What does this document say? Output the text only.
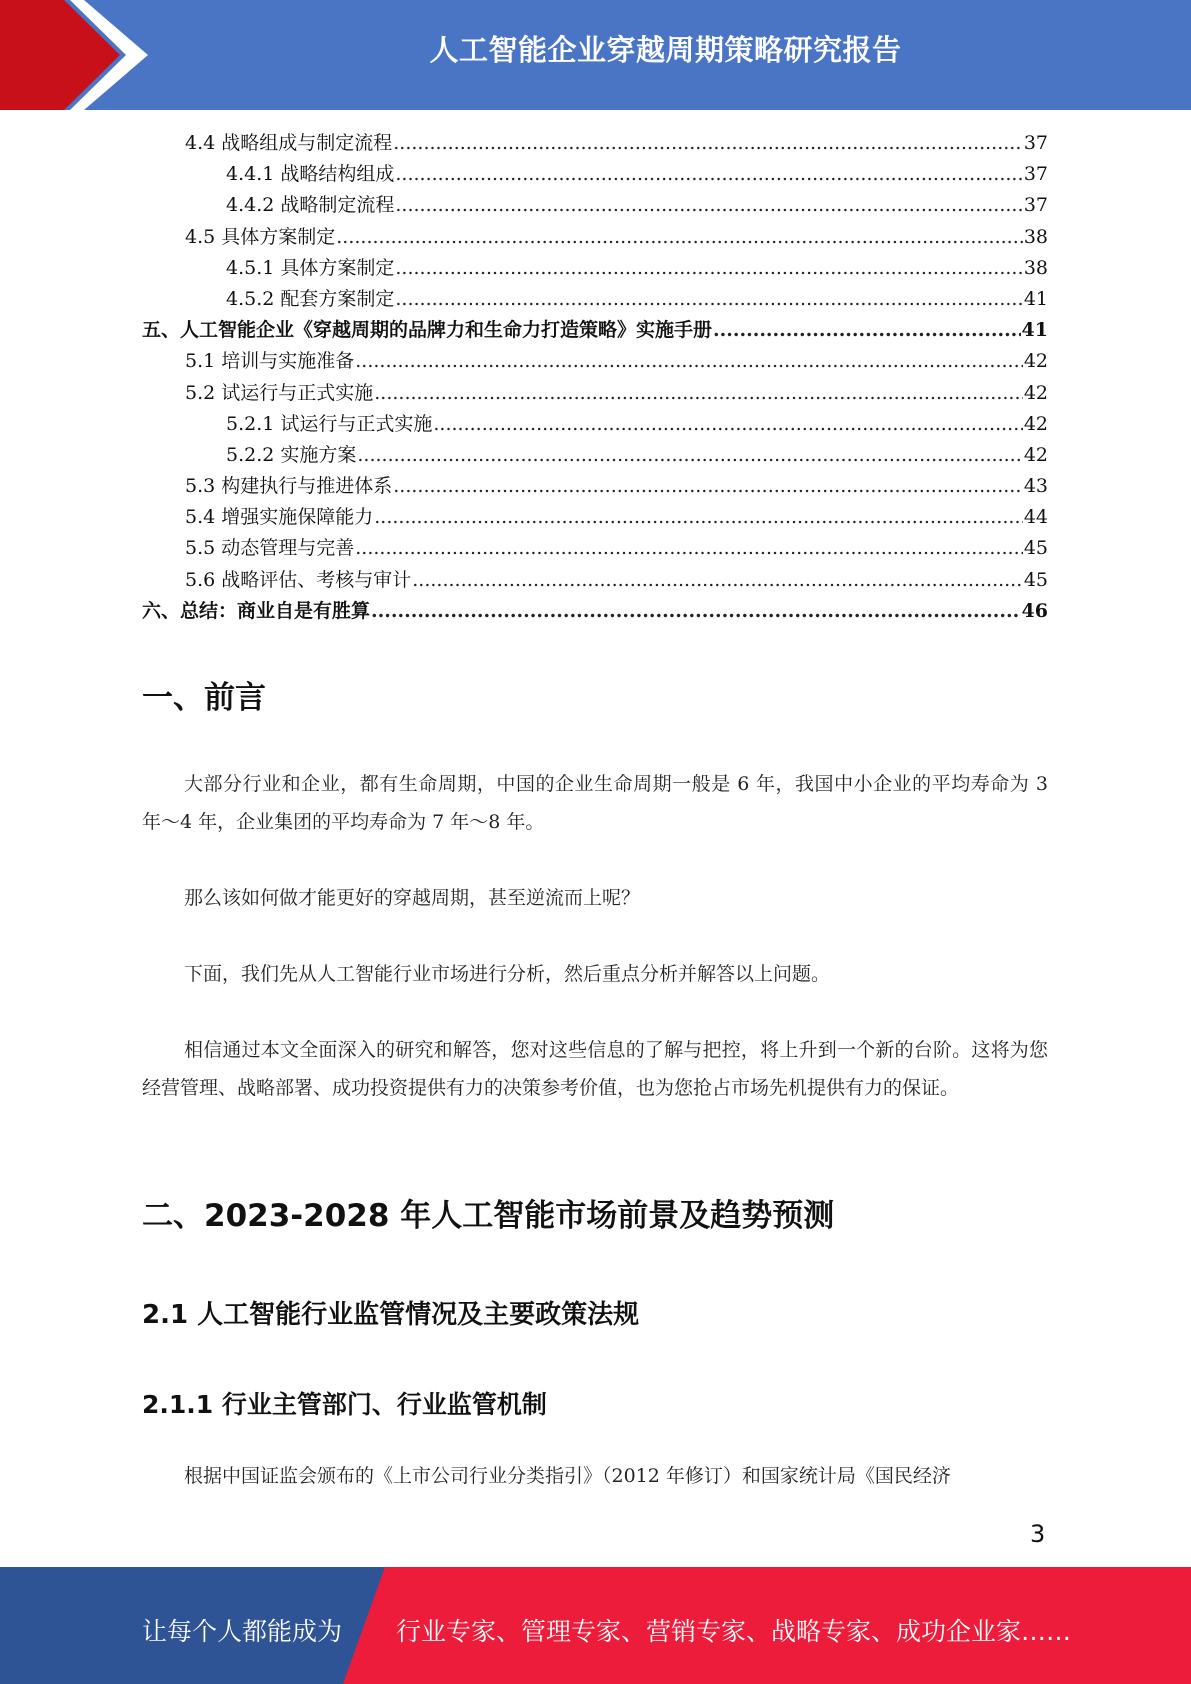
人工智能企业穿越周期策略研究报告
4.4 战略组成与制定流程 .....	37
4.4.1 战略结构组成 .....	37
4.4.2 战略制定流程 .....	37
4.5 具体方案制定 .....	38
4.5.1 具体方案制定 .....	38
4.5.2 配套方案制定 .....	41
五、人工智能企业《穿越周期的品牌力和生命力打造策略》实施手册 .....	41
5.1 培训与实施准备 .....	42
5.2 试运行与正式实施 .....	42
5.2.1 试运行与正式实施 .....	42
5.2.2 实施方案 .....	42
5.3 构建执行与推进体系 .....	43
5.4 增强实施保障能力 .....	44
5.5 动态管理与完善 .....	45
5.6 战略评估、考核与审计 .....	45
六、总结：商业自是有胜算 .....	46
一、前言

大部分行业和企业，都有生命周期，中国的企业生命周期一般是 6 年，我国中小企业的平均寿命为 3 年～4 年，企业集团的平均寿命为 7 年～8 年。

那么该如何做才能更好的穿越周期，甚至逆流而上呢？

下面，我们先从人工智能行业市场进行分析，然后重点分析并解答以上问题。

相信通过本文全面深入的研究和解答，您对这些信息的了解与把控，将上升到一个新的台阶。这将为您经营管理、战略部署、成功投资提供有力的决策参考价值，也为您抢占市场先机提供有力的保证。

二、2023-2028 年人工智能市场前景及趋势预测
2.1 人工智能行业监管情况及主要政策法规
2.1.1 行业主管部门、行业监管机制

根据中国证监会颁布的《上市公司行业分类指引》（2012 年修订）和国家统计局《国民经济

3
让每个人都能成为 行业专家、管理专家、营销专家、战略专家、成功企业家……
